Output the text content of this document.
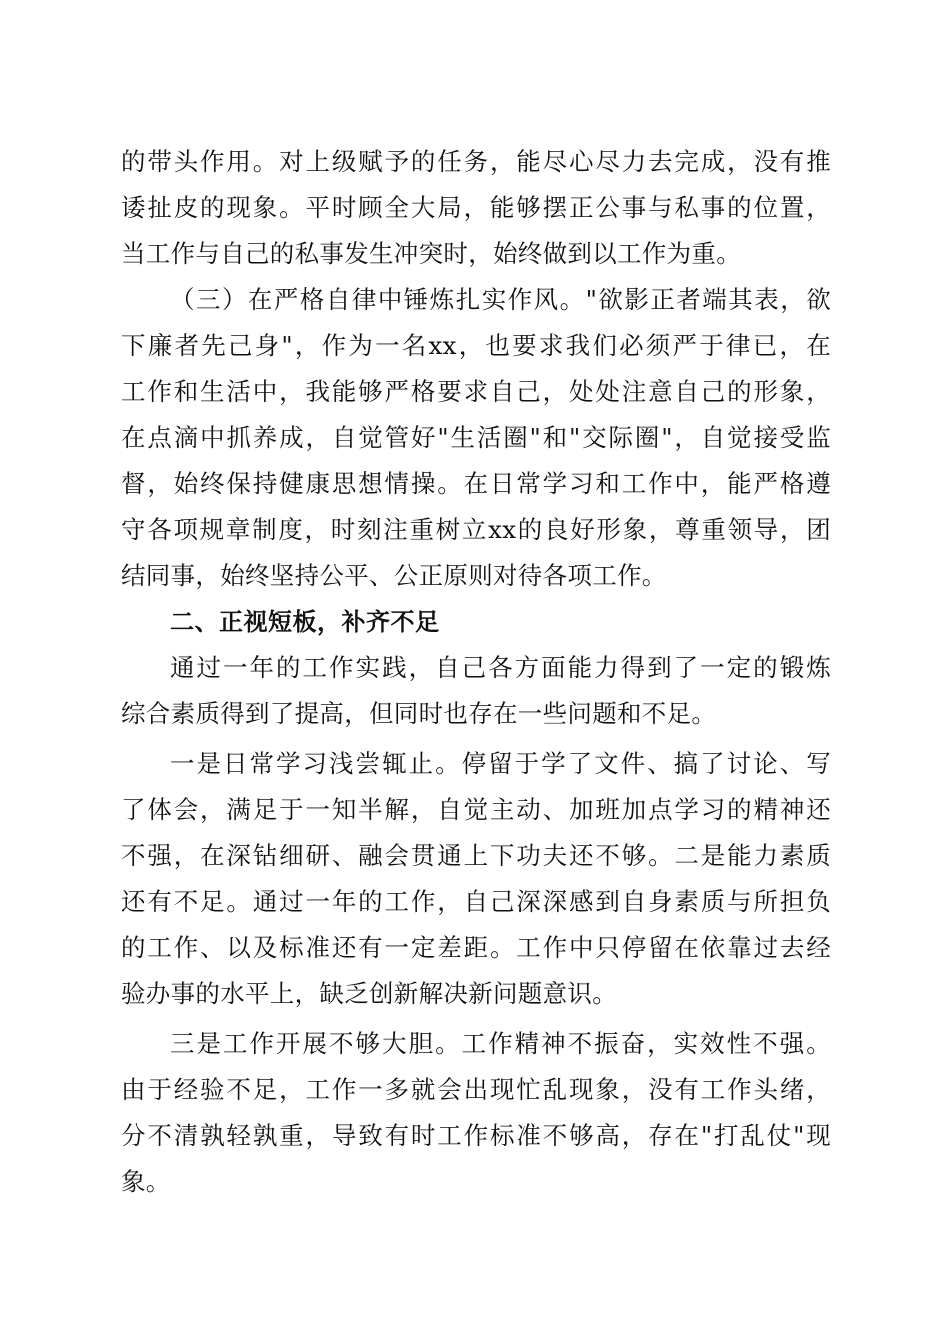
的带头作用。对上级赋予的任务，能尽心尽力去完成，没有推
诿扯皮的现象。平时顾全大局，能够摆正公事与私事的位置，
当工作与自己的私事发生冲突时，始终做到以工作为重。
（三）在严格自律中锤炼扎实作风。"欲影正者端其表，欲
下廉者先己身"，作为一名xx，也要求我们必须严于律已，在
工作和生活中，我能够严格要求自己，处处注意自己的形象，
在点滴中抓养成，自觉管好"生活圈"和"交际圈"，自觉接受监
督，始终保持健康思想情操。在日常学习和工作中，能严格遵
守各项规章制度，时刻注重树立xx的良好形象，尊重领导，团
结同事，始终坚持公平、公正原则对待各项工作。
二、正视短板，补齐不足
通过一年的工作实践，自己各方面能力得到了一定的锻炼
综合素质得到了提高，但同时也存在一些问题和不足。
一是日常学习浅尝辄止。停留于学了文件、搞了讨论、写
了体会，满足于一知半解，自觉主动、加班加点学习的精神还
不强，在深钻细研、融会贯通上下功夫还不够。二是能力素质
还有不足。通过一年的工作，自己深深感到自身素质与所担负
的工作、以及标准还有一定差距。工作中只停留在依靠过去经
验办事的水平上，缺乏创新解决新问题意识。
三是工作开展不够大胆。工作精神不振奋，实效性不强。
由于经验不足，工作一多就会出现忙乱现象，没有工作头绪，
分不清孰轻孰重，导致有时工作标准不够高，存在"打乱仗"现
象。
